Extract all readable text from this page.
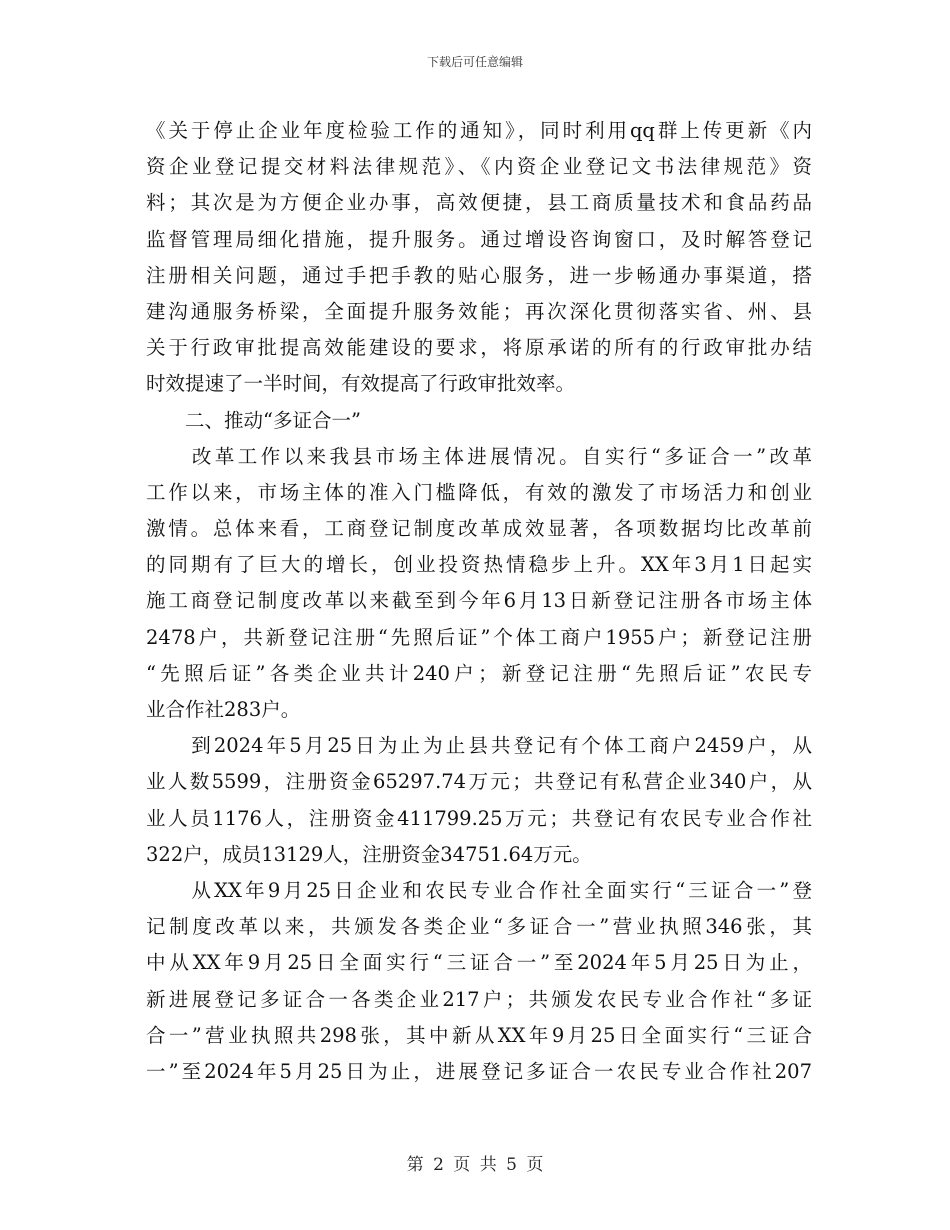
下载后可任意编辑
《关于停止企业年度检验工作的通知》，同时利用qq群上传更新《内
资企业登记提交材料法律规范》、《内资企业登记文书法律规范》资
料；其次是为方便企业办事，高效便捷，县工商质量技术和食品药品
监督管理局细化措施，提升服务。通过增设咨询窗口，及时解答登记
注册相关问题，通过手把手教的贴心服务，进一步畅通办事渠道，搭
建沟通服务桥梁，全面提升服务效能；再次深化贯彻落实省、州、县
关于行政审批提高效能建设的要求，将原承诺的所有的行政审批办结
时效提速了一半时间，有效提高了行政审批效率。
　　二、推动“多证合一”
　　改革工作以来我县市场主体进展情况。自实行“多证合一”改革
工作以来，市场主体的准入门槛降低，有效的激发了市场活力和创业
激情。总体来看，工商登记制度改革成效显著，各项数据均比改革前
的同期有了巨大的增长，创业投资热情稳步上升。XX年3月1日起实
施工商登记制度改革以来截至到今年6月13日新登记注册各市场主体
2478户，共新登记注册“先照后证”个体工商户1955户；新登记注册
“先照后证”各类企业共计240户；新登记注册“先照后证”农民专
业合作社283户。
　　到2024年5月25日为止为止县共登记有个体工商户2459户，从
业人数5599，注册资金65297.74万元；共登记有私营企业340户，从
业人员1176人，注册资金411799.25万元；共登记有农民专业合作社
322户，成员13129人，注册资金34751.64万元。
　　从XX年9月25日企业和农民专业合作社全面实行“三证合一”登
记制度改革以来，共颁发各类企业“多证合一”营业执照346张，其
中从XX年9月25日全面实行“三证合一”至2024年5月25日为止，
新进展登记多证合一各类企业217户；共颁发农民专业合作社“多证
合一”营业执照共298张，其中新从XX年9月25日全面实行“三证合
一”至2024年5月25日为止，进展登记多证合一农民专业合作社207
第 2 页 共 5 页
